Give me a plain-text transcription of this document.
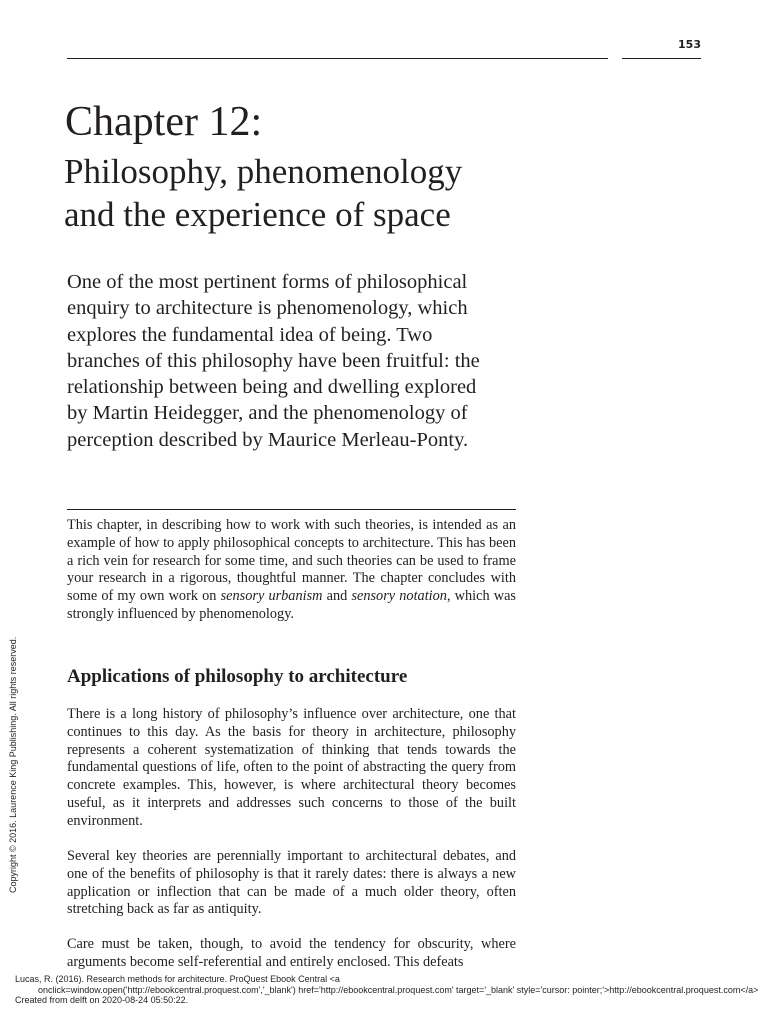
153
Chapter 12:
Philosophy, phenomenology
and the experience of space
One of the most pertinent forms of philosophical
enquiry to architecture is phenomenology, which
explores the fundamental idea of being. Two
branches of this philosophy have been fruitful: the
relationship between being and dwelling explored
by Martin Heidegger, and the phenomenology of
perception described by Maurice Merleau-Ponty.
This chapter, in describing how to work with such theories, is intended as an example of how to apply philosophical concepts to architecture. This has been a rich vein for research for some time, and such theories can be used to frame your research in a rigorous, thoughtful manner. The chapter concludes with some of my own work on sensory urbanism and sensory notation, which was strongly influenced by phenomenology.
Applications of philosophy to architecture
There is a long history of philosophy’s influence over architecture, one that continues to this day. As the basis for theory in architecture, philosophy represents a coherent systematization of thinking that tends towards the fundamental questions of life, often to the point of abstracting the query from concrete examples. This, however, is where architectural theory becomes useful, as it interprets and addresses such concerns to those of the built environment.
Several key theories are perennially important to architectural debates, and one of the benefits of philosophy is that it rarely dates: there is always a new application or inflection that can be made of a much older theory, often stretching back as far as antiquity.
Care must be taken, though, to avoid the tendency for obscurity, where arguments become self-referential and entirely enclosed. This defeats
Copyright © 2016. Laurence King Publishing. All rights reserved.
Lucas, R. (2016). Research methods for architecture. ProQuest Ebook Central <a
onclick=window.open('http://ebookcentral.proquest.com','_blank') href='http://ebookcentral.proquest.com' target='_blank' style='cursor: pointer;'>http://ebookcentral.proquest.com</a>
Created from delft on 2020-08-24 05:50:22.
